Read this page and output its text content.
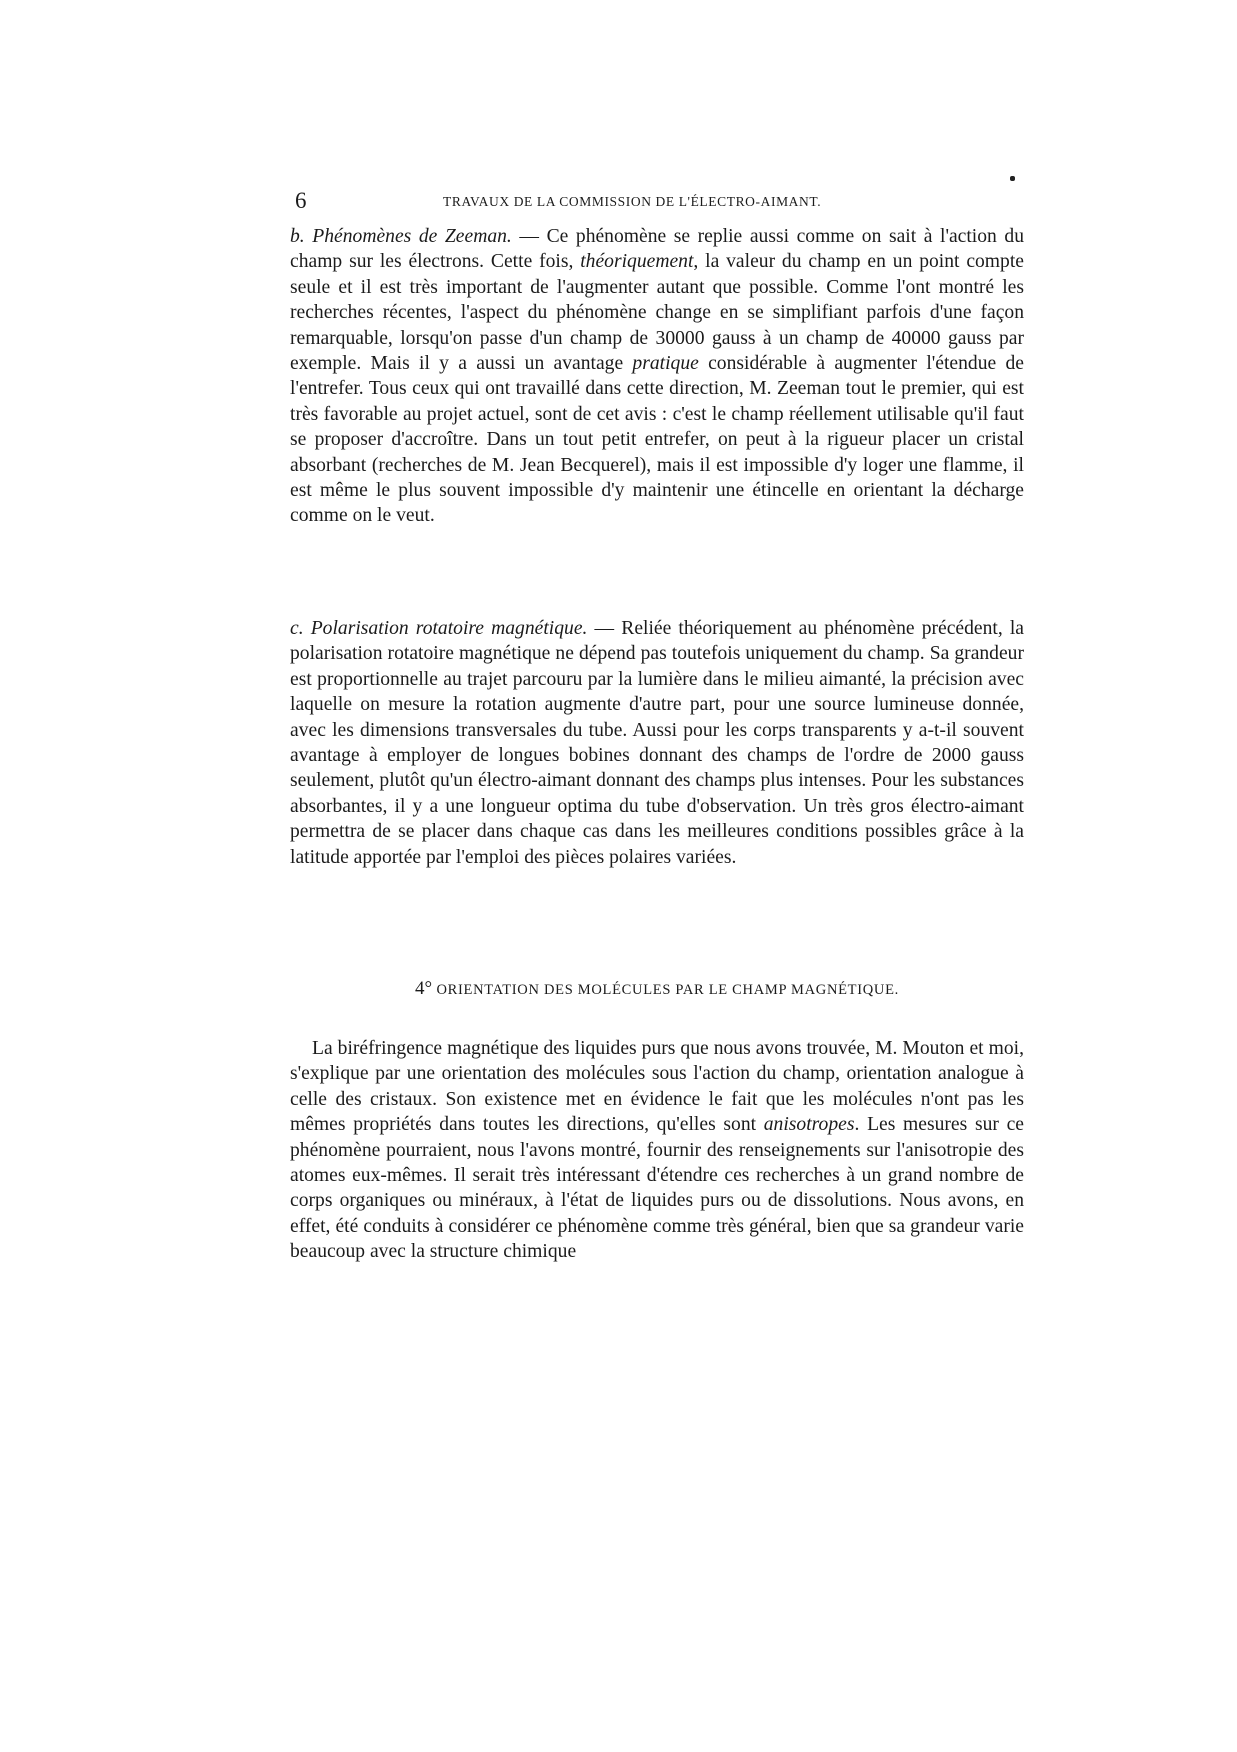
6	TRAVAUX DE LA COMMISSION DE L'ÉLECTRO-AIMANT.

b. Phénomènes de Zeeman. — Ce phénomène se replie aussi comme on sait à l'action du champ sur les électrons. Cette fois, théoriquement, la valeur du champ en un point compte seule et il est très important de l'augmenter autant que possible. Comme l'ont montré les recherches récentes, l'aspect du phénomène change en se simplifiant parfois d'une façon remarquable, lorsqu'on passe d'un champ de 30000 gauss à un champ de 40000 gauss par exemple. Mais il y a aussi un avantage pratique considérable à augmenter l'étendue de l'entrefer. Tous ceux qui ont travaillé dans cette direction, M. Zeeman tout le premier, qui est très favorable au projet actuel, sont de cet avis : c'est le champ réellement utilisable qu'il faut se proposer d'accroître. Dans un tout petit entrefer, on peut à la rigueur placer un cristal absorbant (recherches de M. Jean Becquerel), mais il est impossible d'y loger une flamme, il est même le plus souvent impossible d'y maintenir une étincelle en orientant la décharge comme on le veut.

c. Polarisation rotatoire magnétique. — Reliée théoriquement au phénomène précédent, la polarisation rotatoire magnétique ne dépend pas toutefois uniquement du champ. Sa grandeur est proportionnelle au trajet parcouru par la lumière dans le milieu aimanté, la précision avec laquelle on mesure la rotation augmente d'autre part, pour une source lumineuse donnée, avec les dimensions transversales du tube. Aussi pour les corps transparents y a-t-il souvent avantage à employer de longues bobines donnant des champs de l'ordre de 2000 gauss seulement, plutôt qu'un électro-aimant donnant des champs plus intenses. Pour les substances absorbantes, il y a une longueur optima du tube d'observation. Un très gros électro-aimant permettra de se placer dans chaque cas dans les meilleures conditions possibles grâce à la latitude apportée par l'emploi des pièces polaires variées.

4° ORIENTATION DES MOLÉCULES PAR LE CHAMP MAGNÉTIQUE.

La biréfringence magnétique des liquides purs que nous avons trouvée, M. Mouton et moi, s'explique par une orientation des molécules sous l'action du champ, orientation analogue à celle des cristaux. Son existence met en évidence le fait que les molécules n'ont pas les mêmes propriétés dans toutes les directions, qu'elles sont anisotropes. Les mesures sur ce phénomène pourraient, nous l'avons montré, fournir des renseignements sur l'anisotropie des atomes eux-mêmes. Il serait très intéressant d'étendre ces recherches à un grand nombre de corps organiques ou minéraux, à l'état de liquides purs ou de dissolutions. Nous avons, en effet, été conduits à considérer ce phénomène comme très général, bien que sa grandeur varie beaucoup avec la structure chimique
